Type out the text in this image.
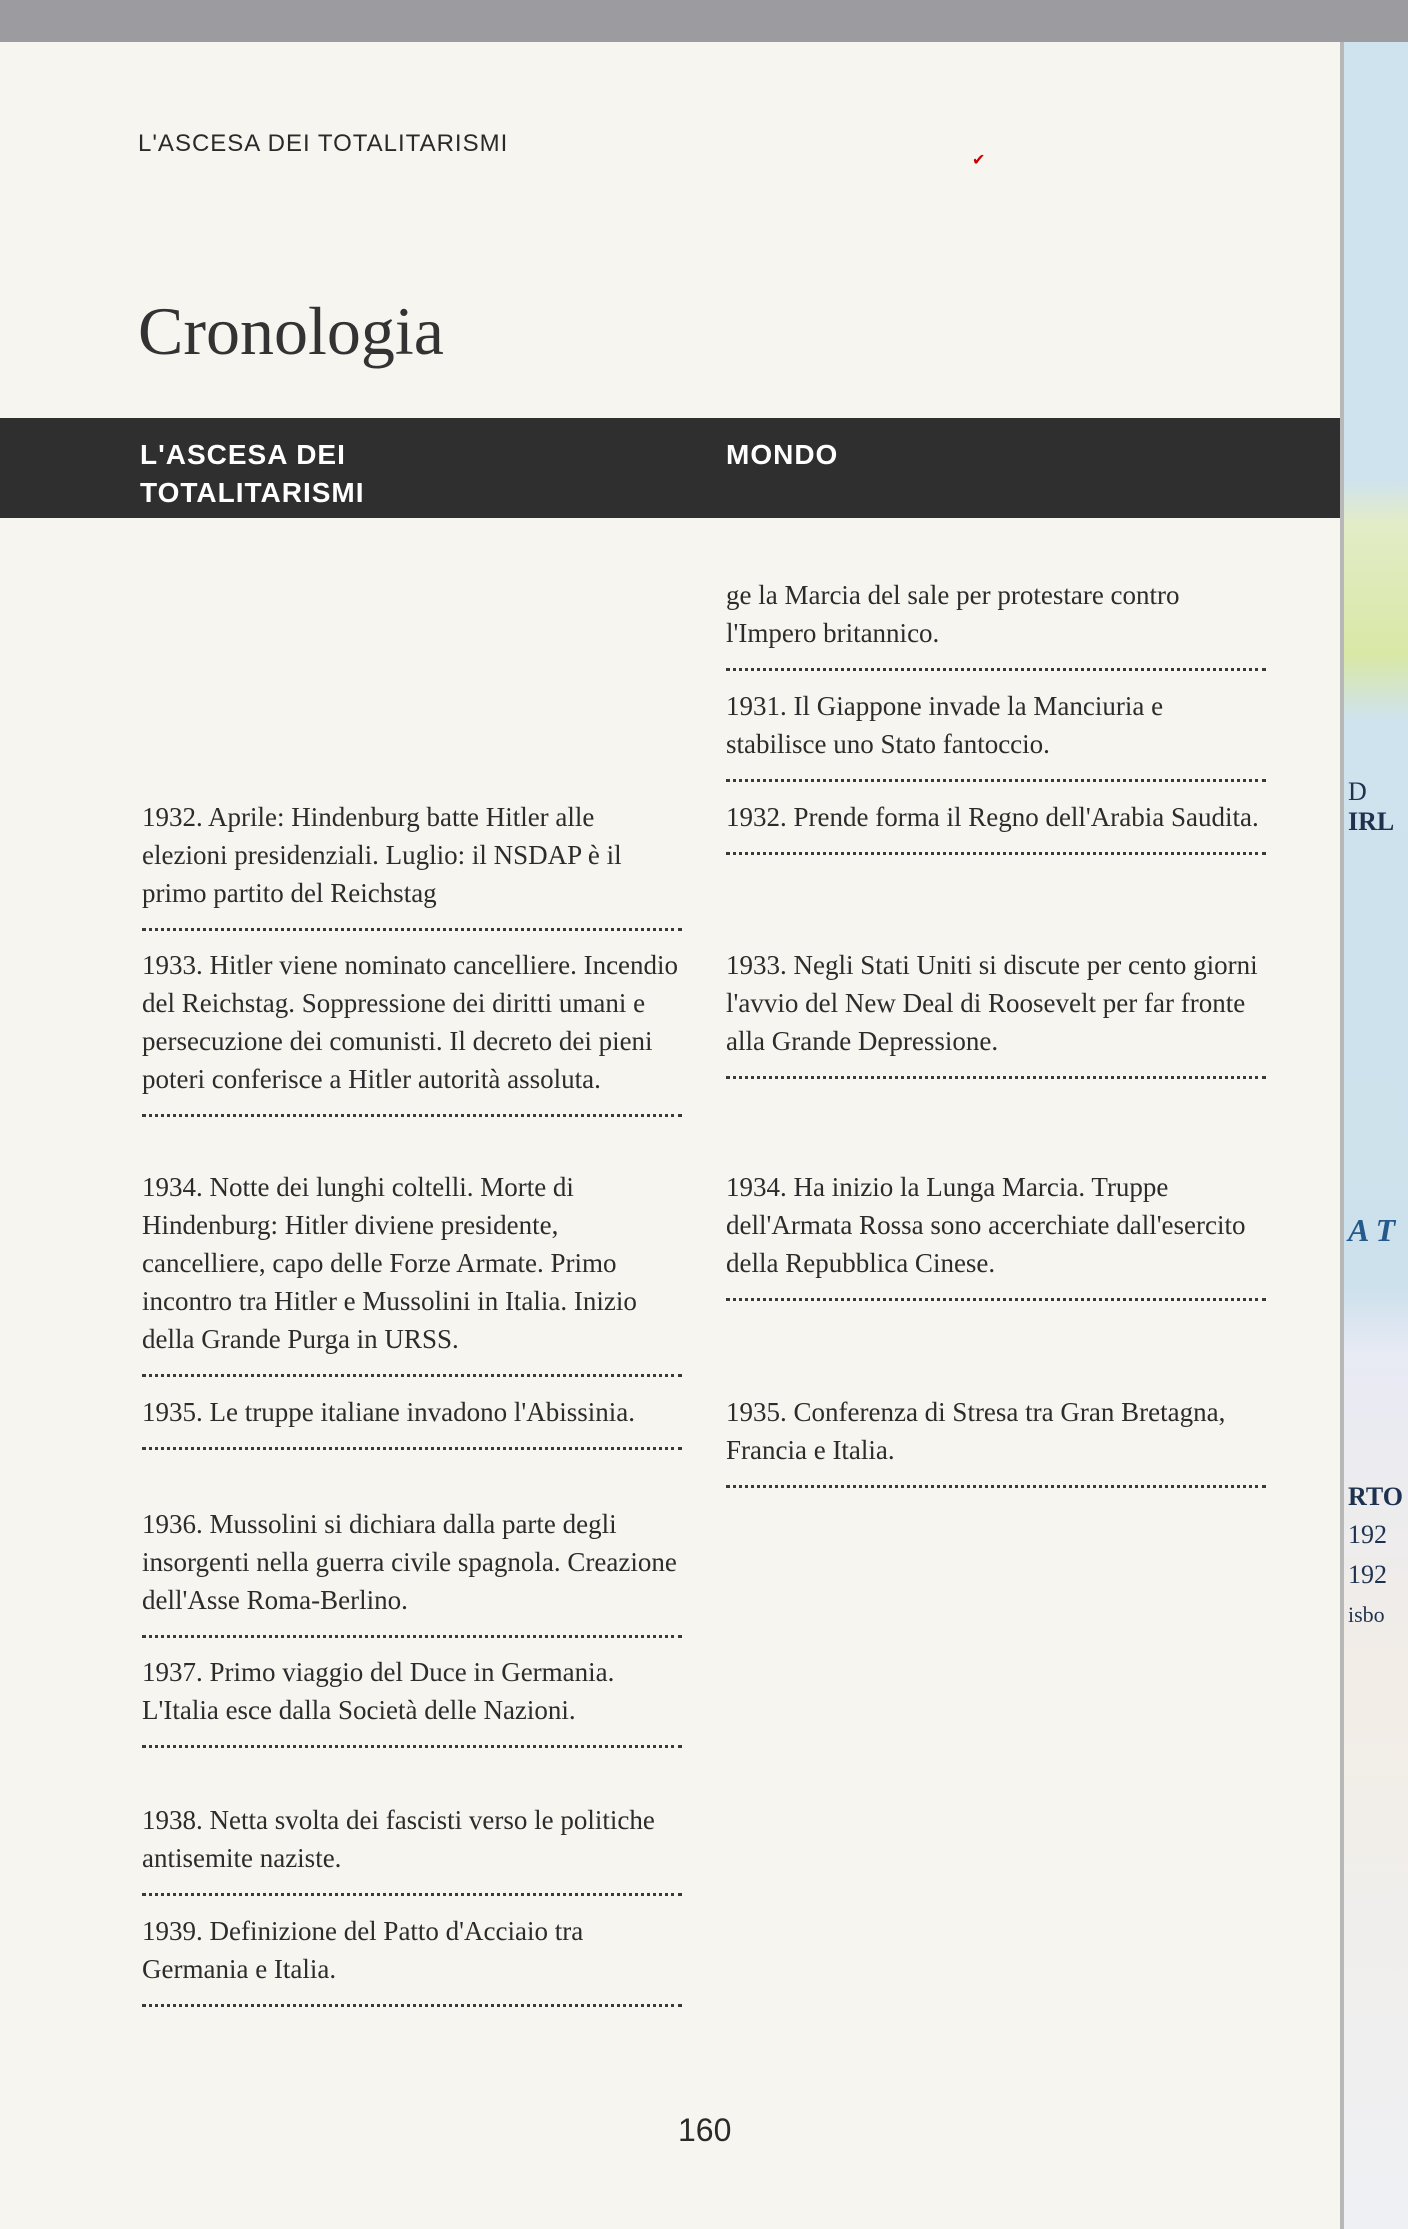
D
IRL
A T
RTO
192
192
isbo
L'ASCESA DEI TOTALITARISMI
Cronologia
✔
L'ASCESA DEI TOTALITARISMI
MONDO
1932. Aprile: Hindenburg batte Hitler alle elezioni presidenziali. Luglio: il NSDAP è il primo partito del Reichstag
1933. Hitler viene nominato cancelliere. Incendio del Reichstag. Soppressione dei diritti umani e persecuzione dei comunisti. Il decreto dei pieni poteri conferisce a Hitler autorità assoluta.
1934. Notte dei lunghi coltelli. Morte di Hindenburg: Hitler diviene presidente, cancelliere, capo delle Forze Armate. Primo incontro tra Hitler e Mussolini in Italia. Inizio della Grande Purga in URSS.
1935. Le truppe italiane invadono l'Abissinia.
1936. Mussolini si dichiara dalla parte degli insorgenti nella guerra civile spagnola. Creazione dell'Asse Roma-Berlino.
1937. Primo viaggio del Duce in Germania. L'Italia esce dalla Società delle Nazioni.
1938. Netta svolta dei fascisti verso le politiche antisemite naziste.
1939. Definizione del Patto d'Acciaio tra Germania e Italia.
ge la Marcia del sale per protestare contro l'Impero britannico.
1931. Il Giappone invade la Manciuria e stabilisce uno Stato fantoccio.
1932. Prende forma il Regno dell'Arabia Saudita.
1933. Negli Stati Uniti si discute per cento giorni l'avvio del New Deal di Roosevelt per far fronte alla Grande Depressione.
1934. Ha inizio la Lunga Marcia. Truppe dell'Armata Rossa sono accerchiate dall'esercito della Repubblica Cinese.
1935. Conferenza di Stresa tra Gran Bretagna, Francia e Italia.
160
